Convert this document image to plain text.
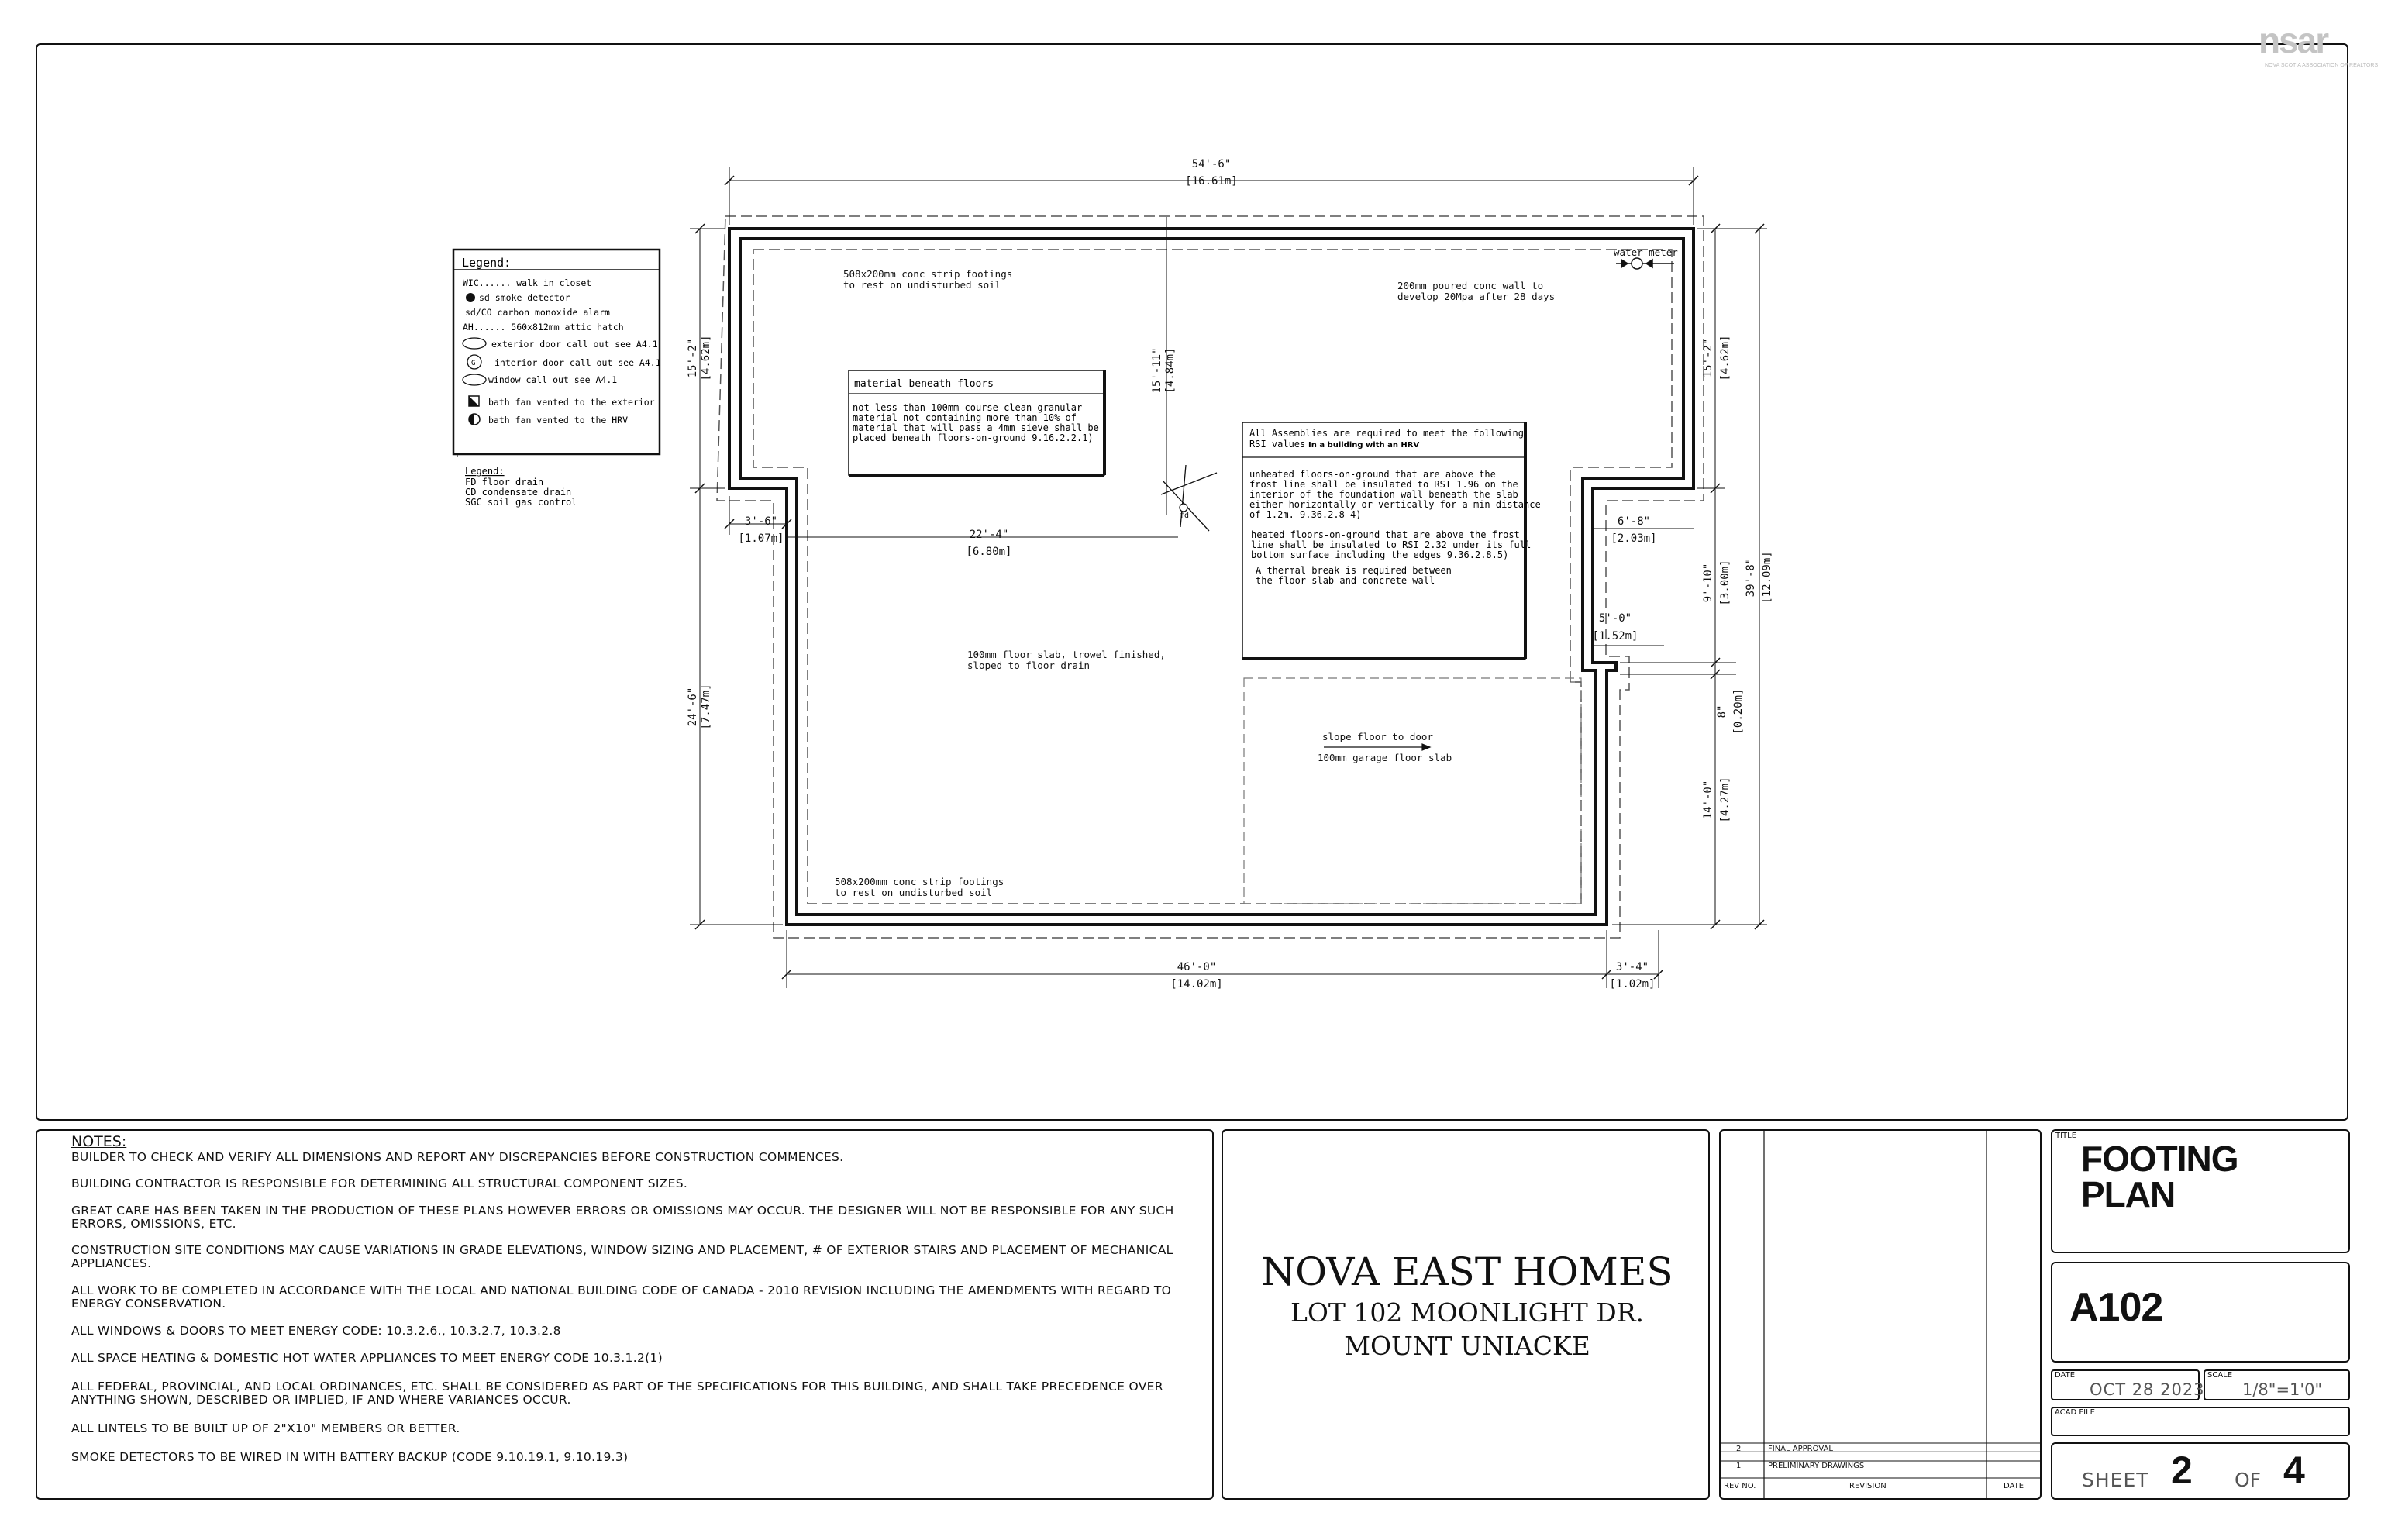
nsar
NOVA SCOTIA ASSOCIATION OF REALTORS
Legend:
WIC...... walk in closet
sd smoke detector
sd/CO carbon monoxide alarm
AH...... 560x812mm attic hatch
exterior door call out see A4.1
G interior door call out see A4.1
window call out see A4.1
bath fan vented to the exterior
bath fan vented to the HRV
Legend:
FD floor drain
CD condensate drain
SGC soil gas control
54'-6"
[16.61m]
15'-2" [4.62m]
24'-6" [7.47m]
3'-6"
[1.07m]	22'-4"
[6.80m]
15'-11" [4.84m]	15'-2" [4.62m]
6'-8"
[2.03m]
9'-10" [3.00m] 39'-8" [12.09m]
5'-0"
[1.52m]
8" [0.20m]
14'-0" [4.27m]
46'-0"
[14.02m]
3'-4"
[1.02m]
508x200mm conc strip footings
to rest on undisturbed soil	200mm poured conc wall to
develop 20Mpa after 28 days
water meter
508x200mm conc strip footings
to rest on undisturbed soil
100mm floor slab, trowel finished,
sloped to floor drain
slope floor to door
100mm garage floor slab
fd
material beneath floors
not less than 100mm course clean granular
material not containing more than 10% of
material that will pass a 4mm sieve shall be
placed beneath floors-on-ground 9.16.2.2.1)	All Assemblies are required to meet the following
RSI values In a building with an HRV
unheated floors-on-ground that are above the
frost line shall be insulated to RSI 1.96 on the
interior of the foundation wall beneath the slab
either horizontally or vertically for a min distance
of 1.2m. 9.36.2.8 4)
heated floors-on-ground that are above the frost
line shall be insulated to RSI 2.32 under its full
bottom surface including the edges 9.36.2.8.5)
A thermal break is required between
the floor slab and concrete wall
NOTES:
BUILDER TO CHECK AND VERIFY ALL DIMENSIONS AND REPORT ANY DISCREPANCIES BEFORE CONSTRUCTION COMMENCES.
BUILDING CONTRACTOR IS RESPONSIBLE FOR DETERMINING ALL STRUCTURAL COMPONENT SIZES.
GREAT CARE HAS BEEN TAKEN IN THE PRODUCTION OF THESE PLANS HOWEVER ERRORS OR OMISSIONS MAY OCCUR. THE DESIGNER WILL NOT BE RESPONSIBLE FOR ANY SUCH ERRORS, OMISSIONS, ETC.
CONSTRUCTION SITE CONDITIONS MAY CAUSE VARIATIONS IN GRADE ELEVATIONS, WINDOW SIZING AND PLACEMENT, # OF EXTERIOR STAIRS AND PLACEMENT OF MECHANICAL APPLIANCES.
ALL WORK TO BE COMPLETED IN ACCORDANCE WITH THE LOCAL AND NATIONAL BUILDING CODE OF CANADA - 2010 REVISION INCLUDING THE AMENDMENTS WITH REGARD TO ENERGY CONSERVATION.
ALL WINDOWS & DOORS TO MEET ENERGY CODE: 10.3.2.6., 10.3.2.7, 10.3.2.8
ALL SPACE HEATING & DOMESTIC HOT WATER APPLIANCES TO MEET ENERGY CODE 10.3.1.2(1)
ALL FEDERAL, PROVINCIAL, AND LOCAL ORDINANCES, ETC. SHALL BE CONSIDERED AS PART OF THE SPECIFICATIONS FOR THIS BUILDING, AND SHALL TAKE PRECEDENCE OVER ANYTHING SHOWN, DESCRIBED OR IMPLIED, IF AND WHERE VARIANCES OCCUR.
ALL LINTELS TO BE BUILT UP OF 2"X10" MEMBERS OR BETTER.
SMOKE DETECTORS TO BE WIRED IN WITH BATTERY BACKUP (CODE 9.10.19.1, 9.10.19.3)
NOVA EAST HOMES
LOT 102 MOONLIGHT DR.
MOUNT UNIACKE
2	FINAL APPROVAL
1	PRELIMINARY DRAWINGS
REV NO.	REVISION	DATE
TITLE
FOOTING
PLAN
A102
DATE
OCT 28 2023
SCALE
1/8"=1'0"
ACAD FILE
SHEET 2 OF 4
